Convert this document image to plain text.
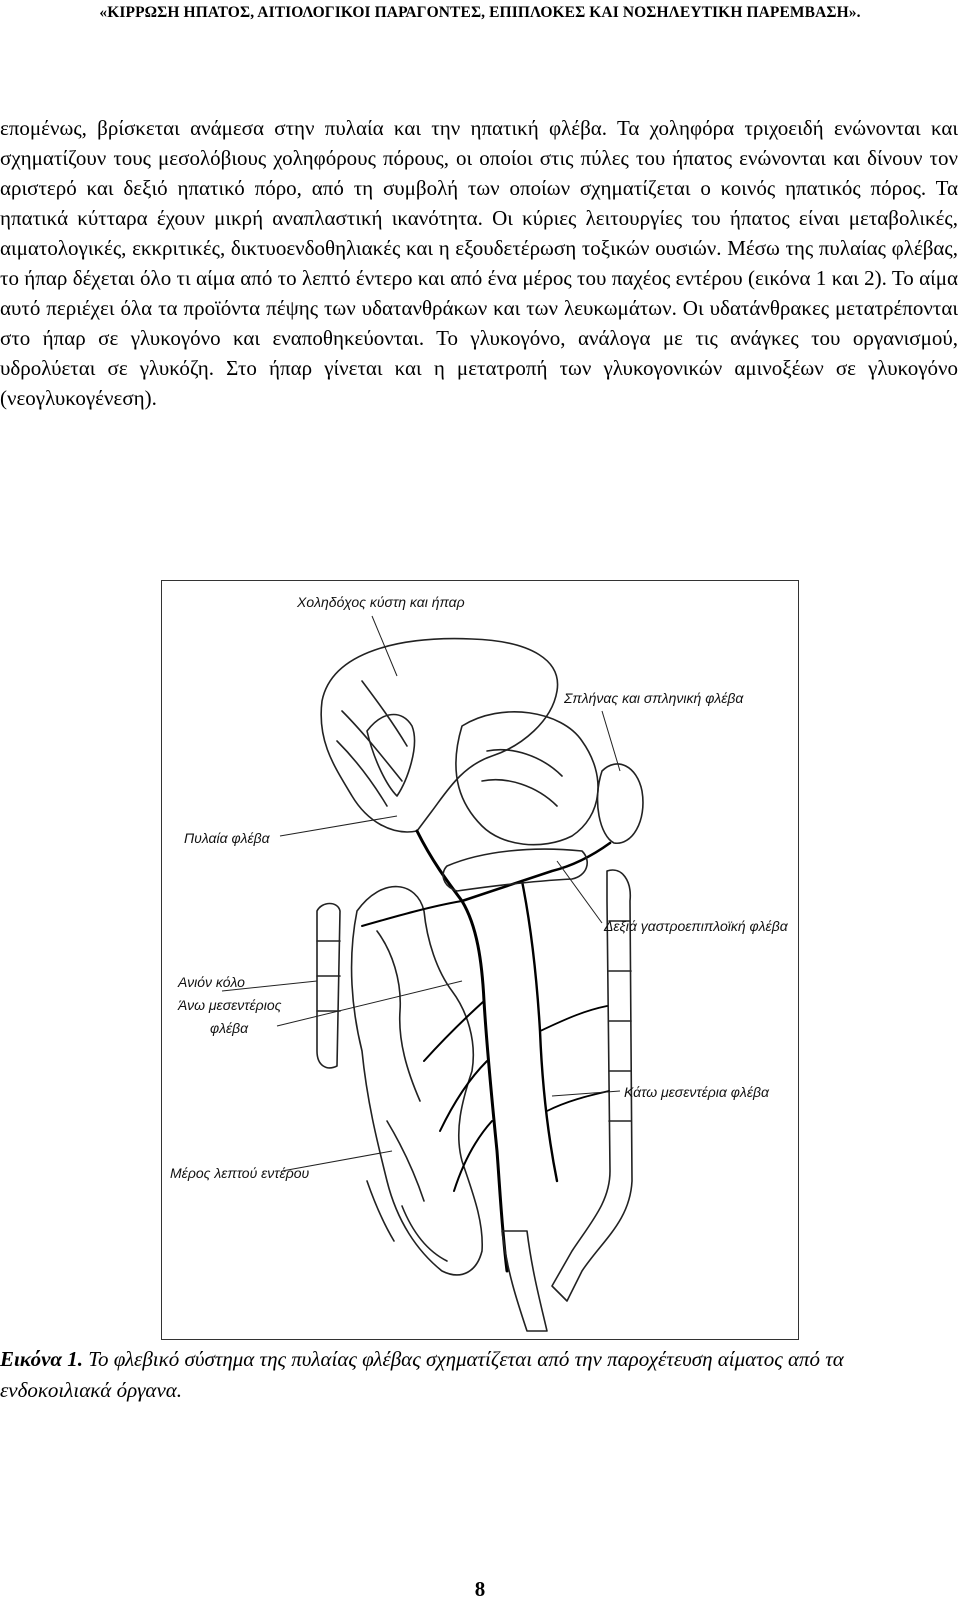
«ΚΙΡΡΩΣΗ ΗΠΑΤΟΣ, ΑΙΤΙΟΛΟΓΙΚΟΙ ΠΑΡΑΓΟΝΤΕΣ, ΕΠΙΠΛΟΚΕΣ ΚΑΙ ΝΟΣΗΛΕΥΤΙΚΗ ΠΑΡΕΜΒΑΣΗ».

επομένως, βρίσκεται ανάμεσα στην πυλαία και την ηπατική φλέβα. Τα χοληφόρα τριχοειδή ενώνονται και σχηματίζουν τους μεσολόβιους χοληφόρους πόρους, οι οποίοι στις πύλες του ήπατος ενώνονται και δίνουν τον αριστερό και δεξιό ηπατικό πόρο, από τη συμβολή των οποίων σχηματίζεται ο κοινός ηπατικός πόρος. Τα ηπατικά κύτταρα έχουν μικρή αναπλαστική ικανότητα. Οι κύριες λειτουργίες του ήπατος είναι μεταβολικές, αιματολογικές, εκκριτικές, δικτυοενδοθηλιακές και η εξουδετέρωση τοξικών ουσιών. Μέσω της πυλαίας φλέβας, το ήπαρ δέχεται όλο τι αίμα από το λεπτό έντερο και από ένα μέρος του παχέος εντέρου (εικόνα 1 και 2). Το αίμα αυτό περιέχει όλα τα προϊόντα πέψης των υδατανθράκων και των λευκωμάτων. Οι υδατάνθρακες μετατρέπονται στο ήπαρ σε γλυκογόνο και εναποθηκεύονται. Το γλυκογόνο, ανάλογα με τις ανάγκες του οργανισμού, υδρολύεται σε γλυκόζη. Στο ήπαρ γίνεται και η μετατροπή των γλυκογονικών αμινοξέων σε γλυκογόνο (νεογλυκογένεση).

Χοληδόχος κύστη και ήπαρ
Σπλήνας και σπληνική φλέβα
Πυλαία φλέβα
Δεξιά γαστροεπιπλοϊκή φλέβα
Ανιόν κόλο
Άνω μεσεντέριος
φλέβα
Κάτω μεσεντέρια φλέβα
Μέρος λεπτού εντέρου

Εικόνα 1. Το φλεβικό σύστημα της πυλαίας φλέβας σχηματίζεται από την παροχέτευση αίματος από τα ενδοκοιλιακά όργανα.

8
